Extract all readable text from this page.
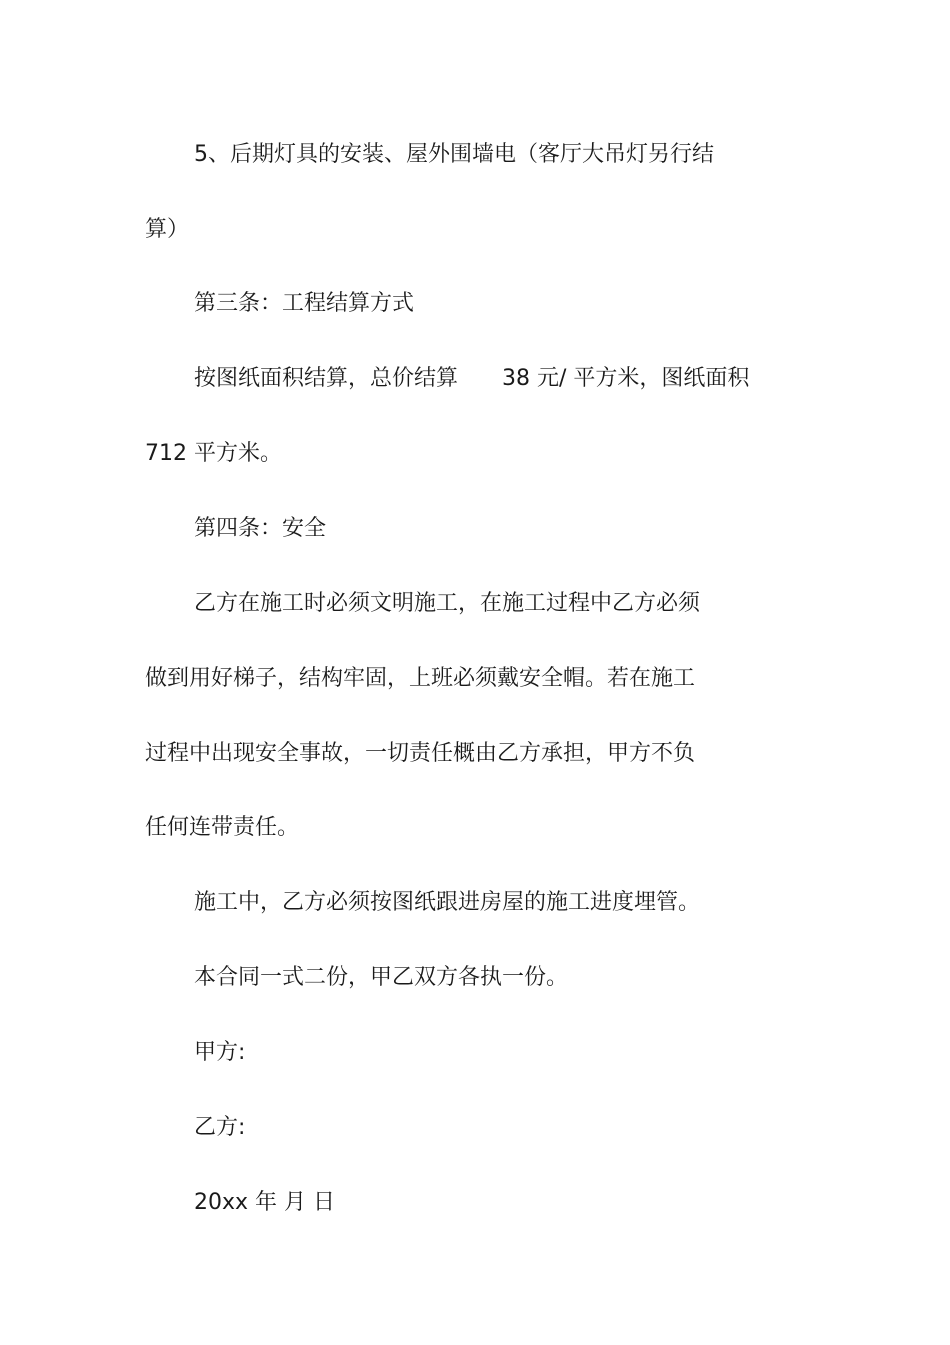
5、后期灯具的安装、屋外围墙电（客厅大吊灯另行结
算）
第三条：工程结算方式
按图纸面积结算，总价结算　　38 元/ 平方米，图纸面积
712 平方米。
第四条：安全
乙方在施工时必须文明施工，在施工过程中乙方必须
做到用好梯子，结构牢固，上班必须戴安全帽。若在施工
过程中出现安全事故，一切责任概由乙方承担，甲方不负
任何连带责任。
施工中，乙方必须按图纸跟进房屋的施工进度埋管。
本合同一式二份，甲乙双方各执一份。
甲方:
乙方:
20xx 年 月 日
